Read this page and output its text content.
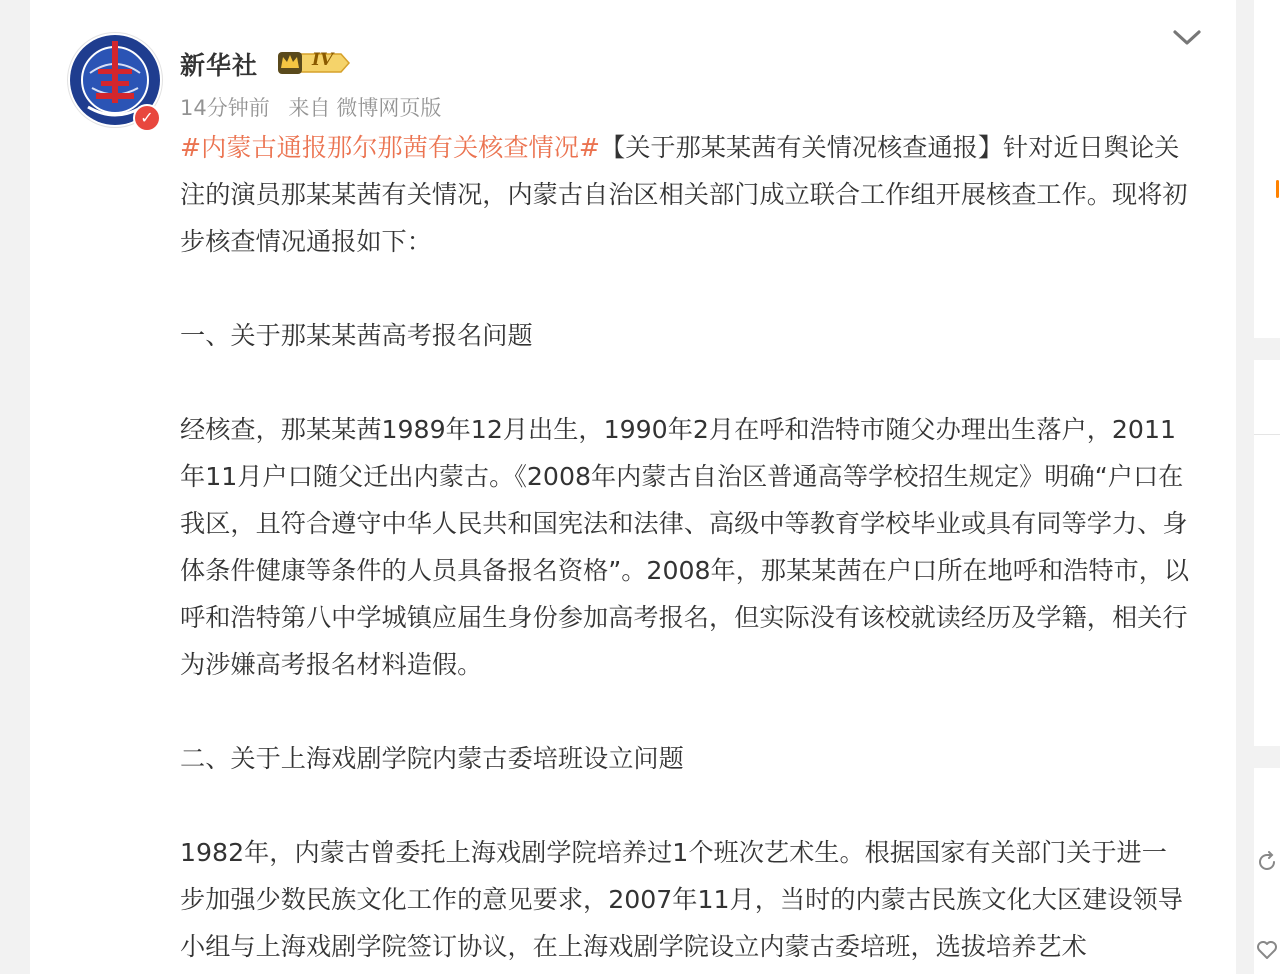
✓
新华社	IV
14分钟前 来自 微博网页版

#内蒙古通报那尔那茜有关核查情况#【关于那某某茜有关情况核查通报】针对近日舆论关注的演员那某某茜有关情况，内蒙古自治区相关部门成立联合工作组开展核查工作。现将初步核查情况通报如下：

一、关于那某某茜高考报名问题

经核查，那某某茜1989年12月出生，1990年2月在呼和浩特市随父办理出生落户，2011年11月户口随父迁出内蒙古。《2008年内蒙古自治区普通高等学校招生规定》明确“户口在我区，且符合遵守中华人民共和国宪法和法律、高级中等教育学校毕业或具有同等学力、身体条件健康等条件的人员具备报名资格”。2008年，那某某茜在户口所在地呼和浩特市，以呼和浩特第八中学城镇应届生身份参加高考报名，但实际没有该校就读经历及学籍，相关行为涉嫌高考报名材料造假。

二、关于上海戏剧学院内蒙古委培班设立问题

1982年，内蒙古曾委托上海戏剧学院培养过1个班次艺术生。根据国家有关部门关于进一步加强少数民族文化工作的意见要求，2007年11月，当时的内蒙古民族文化大区建设领导小组与上海戏剧学院签订协议，在上海戏剧学院设立内蒙古委培班，选拔培养艺术
